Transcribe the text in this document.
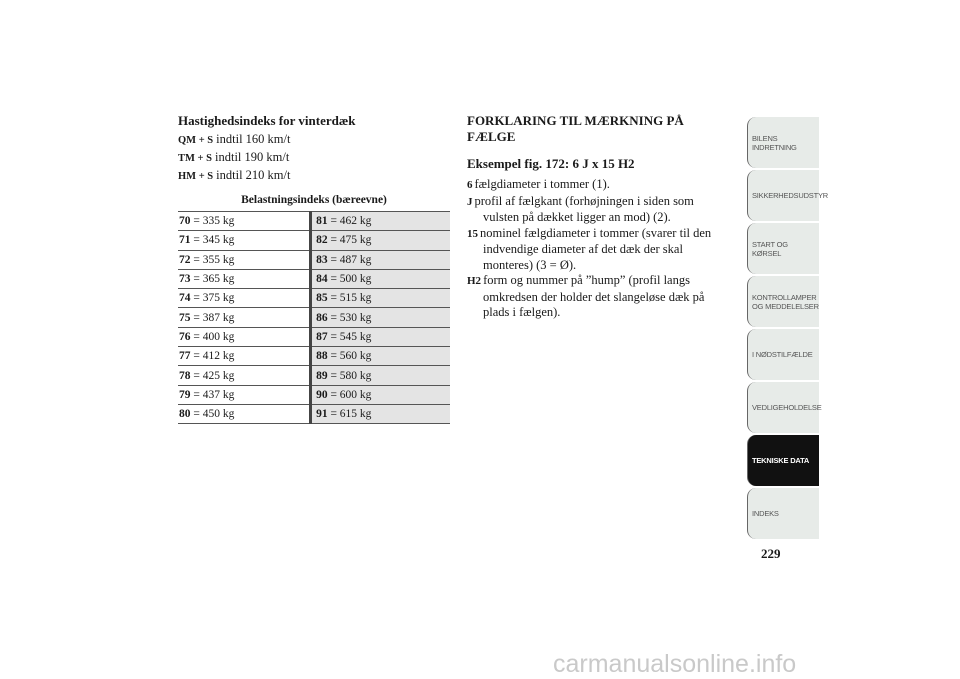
Hastighedsindeks for vinterdæk
QM + S indtil 160 km/t
TM + S indtil 190 km/t
HM + S indtil 210 km/t
Belastningsindeks (bæreevne)
70 = 335 kg	81 = 462 kg
71 = 345 kg	82 = 475 kg
72 = 355 kg	83 = 487 kg
73 = 365 kg	84 = 500 kg
74 = 375 kg	85 = 515 kg
75 = 387 kg	86 = 530 kg
76 = 400 kg	87 = 545 kg
77 = 412 kg	88 = 560 kg
78 = 425 kg	89 = 580 kg
79 = 437 kg	90 = 600 kg
80 = 450 kg	91 = 615 kg
FORKLARING TIL MÆRKNING PÅ FÆLGE
Eksempel fig. 172: 6 J x 15 H2
6 fælgdiameter i tommer (1).
J profil af fælgkant (forhøjningen i siden som vulsten på dækket ligger an mod) (2).
15 nominel fælgdiameter i tommer (svarer til den indvendige diameter af det dæk der skal monteres) (3 = Ø).
H2 form og nummer på ”hump” (profil langs omkredsen der holder det slangeløse dæk på plads i fælgen).
BILENS
INDRETNING
SIKKERHEDSUDSTYR
START OG KØRSEL
KONTROLLAMPER
OG MEDDELELSER
I NØDSTILFÆLDE
VEDLIGEHOLDELSE
TEKNISKE DATA
INDEKS
229
carmanualsonline.info
